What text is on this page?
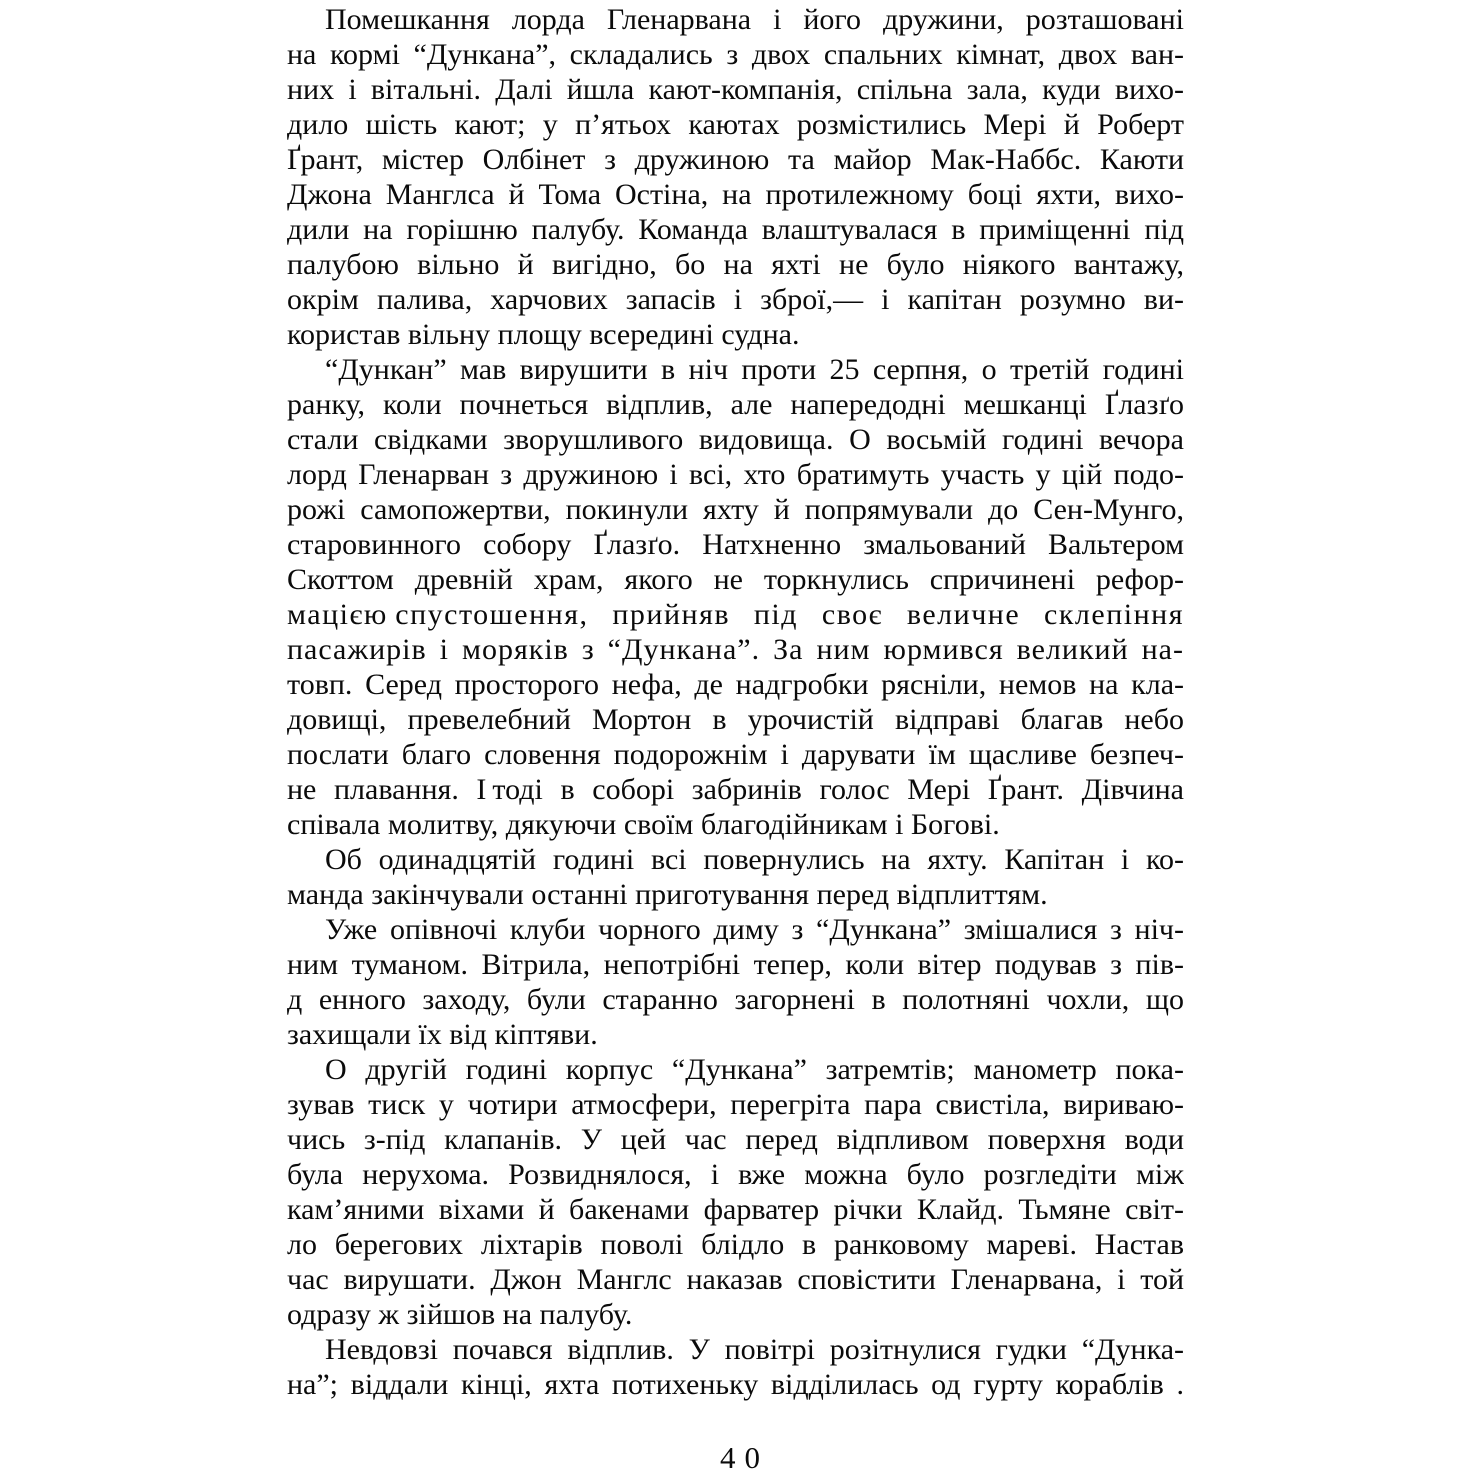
Помешкання лорда Гленарвана і його дружини, розташовані
на кормі “Дункана”, складались з двох спальних кімнат, двох ван-
них і вітальні. Далі йшла кают-компанія, спільна зала, куди вихо-
дило шість кают; у п’ятьох каютах розмістились Мері й Роберт
Ґрант, містер Олбінет з дружиною та майор Мак-Наббс. Каюти
Джона Манглса й Тома Остіна, на протилежному боці яхти, вихо-
дили на горішню палубу. Команда влаштувалася в приміщенні під
палубою вільно й вигідно, бо на яхті не було ніякого вантажу,
окрім палива, харчових запасів і зброї,— і капітан розумно ви-
користав вільну площу всередині судна.
“Дункан” мав вирушити в ніч проти 25 серпня, о третій годині
ранку, коли почнеться відплив, але напередодні мешканці Ґлазґо
стали свідками зворушливого видовища. О восьмій годині вечора
лорд Гленарван з дружиною і всі, хто братимуть участь у цій подо-
рожі самопожертви, покинули яхту й попрямували до Сен-Мунго,
старовинного собору Ґлазґо. Натхненно змальований Вальтером
Скоттом древній храм, якого не торкнулись спричинені рефор-
мацією спустошення, прийняв під своє величне склепіння
пасажирів і моряків з “Дункана”. За ним юрмився великий на-
товп. Серед просторого нефа, де надгробки рясніли, немов на кла-
довищі, превелебний Мортон в урочистій відправі благав небо
послати благо словення подорожнім і дарувати їм щасливе безпеч-
не плавання. І тоді в соборі забринів голос Мері Ґрант. Дівчина
співала молитву, дякуючи своїм благодійникам і Богові.
Об одинадцятій годині всі повернулись на яхту. Капітан і ко-
манда закінчували останні приготування перед відплиттям.
Уже опівночі клуби чорного диму з “Дункана” змішалися з ніч-
ним туманом. Вітрила, непотрібні тепер, коли вітер подував з пів-
д енного заходу, були старанно загорнені в полотняні чохли, що
захищали їх від кіптяви.
О другій годині корпус “Дункана” затремтів; манометр пока-
зував тиск у чотири атмосфери, перегріта пара свистіла, вириваю-
чись з-під клапанів. У цей час перед відпливом поверхня води
була нерухома. Розвиднялося, і вже можна було розгледіти між
кам’яними віхами й бакенами фарватер річки Клайд. Тьмяне світ-
ло берегових ліхтарів поволі блідло в ранковому мареві. Настав
час вирушати. Джон Манглс наказав сповістити Гленарвана, і той
одразу ж зійшов на палубу.
Невдовзі почався відплив. У повітрі розітнулися гудки “Дунка-
на”; віддали кінці, яхта потихеньку відділилась од гурту кораблів .
40
